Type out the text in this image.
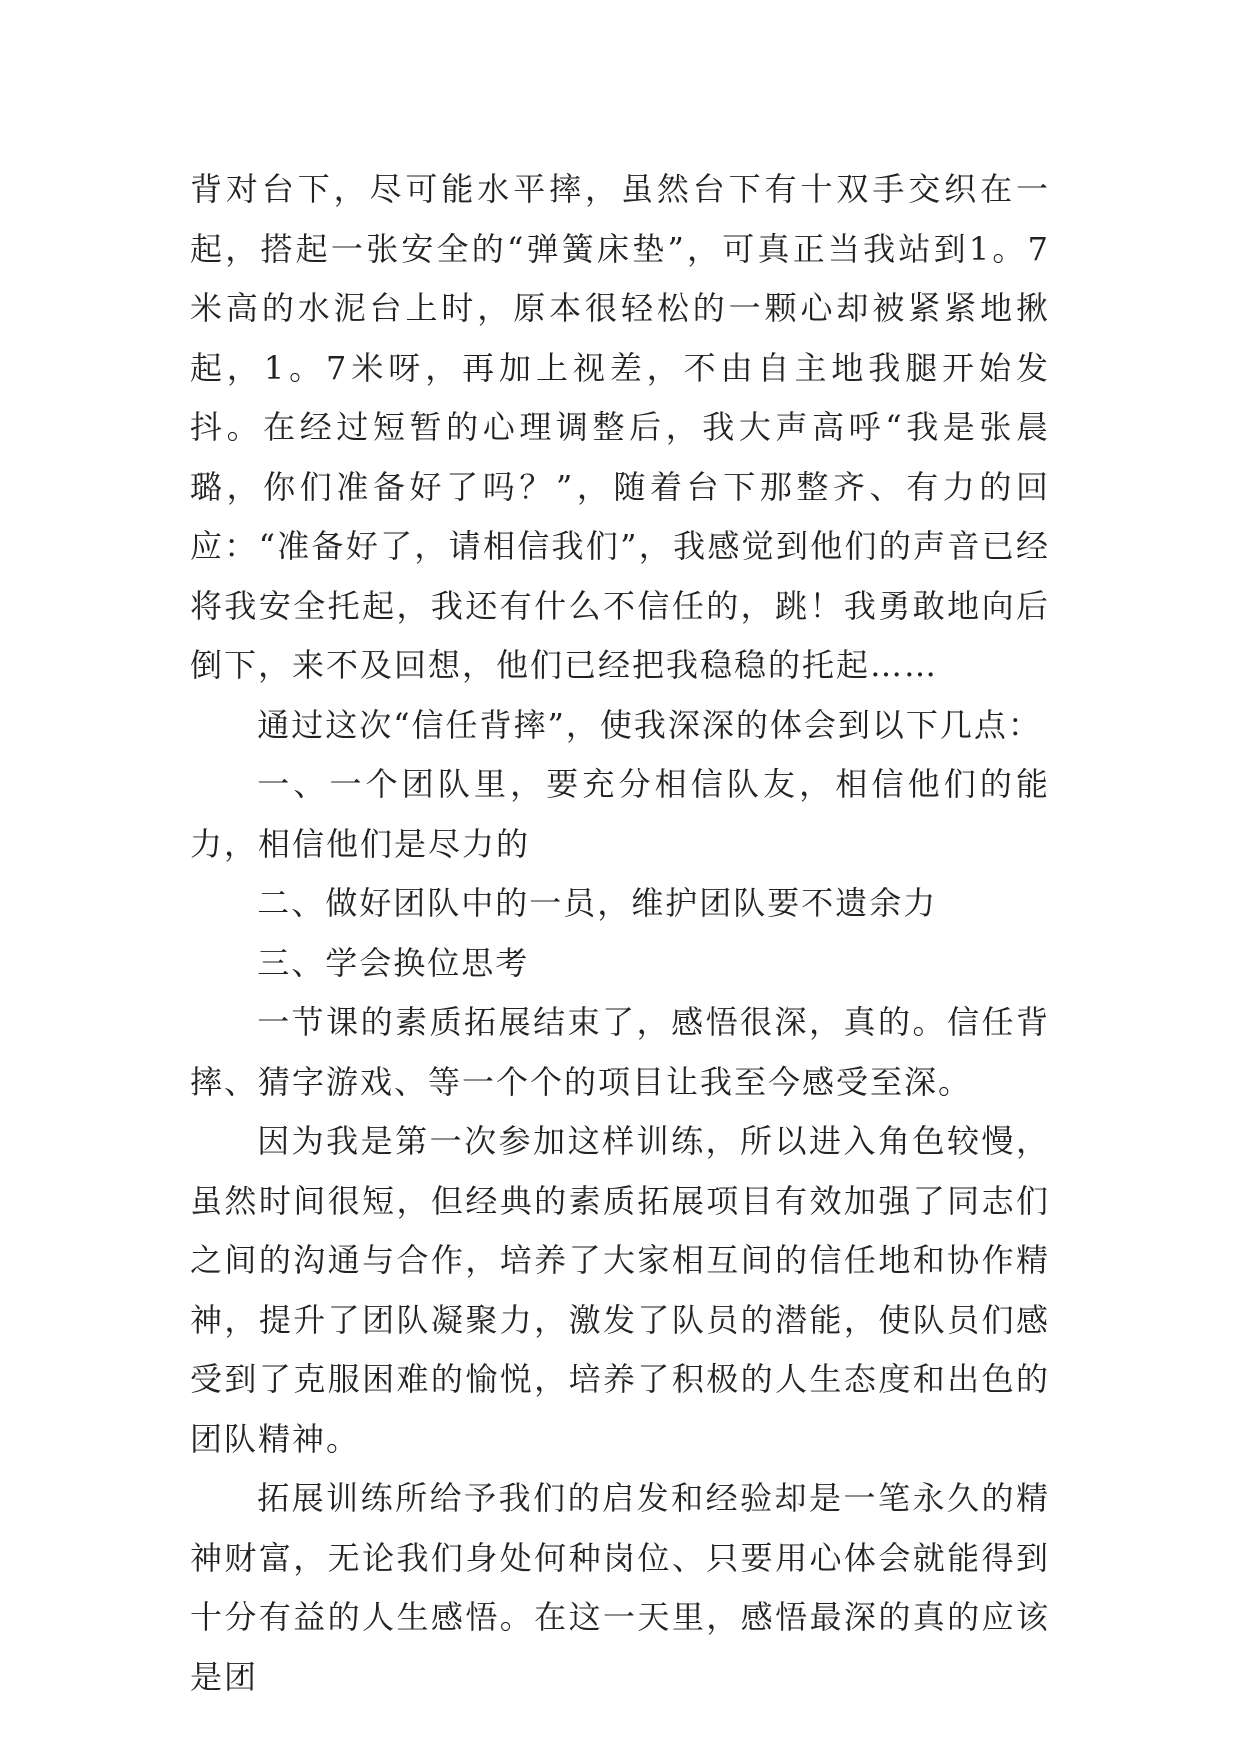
背对台下，尽可能水平摔，虽然台下有十双手交织在一起，搭起一张安全的“弹簧床垫”，可真正当我站到1。7米高的水泥台上时，原本很轻松的一颗心却被紧紧地揪起，1。7米呀，再加上视差，不由自主地我腿开始发抖。在经过短暂的心理调整后，我大声高呼“我是张晨璐，你们准备好了吗？”，随着台下那整齐、有力的回应：“准备好了，请相信我们”，我感觉到他们的声音已经将我安全托起，我还有什么不信任的，跳！我勇敢地向后倒下，来不及回想，他们已经把我稳稳的托起……

通过这次“信任背摔”，使我深深的体会到以下几点：

一、一个团队里，要充分相信队友，相信他们的能力，相信他们是尽力的

二、做好团队中的一员，维护团队要不遗余力

三、学会换位思考

一节课的素质拓展结束了，感悟很深，真的。信任背摔、猜字游戏、等一个个的项目让我至今感受至深。

因为我是第一次参加这样训练，所以进入角色较慢，虽然时间很短，但经典的素质拓展项目有效加强了同志们之间的沟通与合作，培养了大家相互间的信任地和协作精神，提升了团队凝聚力，激发了队员的潜能，使队员们感受到了克服困难的愉悦，培养了积极的人生态度和出色的团队精神。

拓展训练所给予我们的启发和经验却是一笔永久的精神财富，无论我们身处何种岗位、只要用心体会就能得到十分有益的人生感悟。在这一天里，感悟最深的真的应该是团
